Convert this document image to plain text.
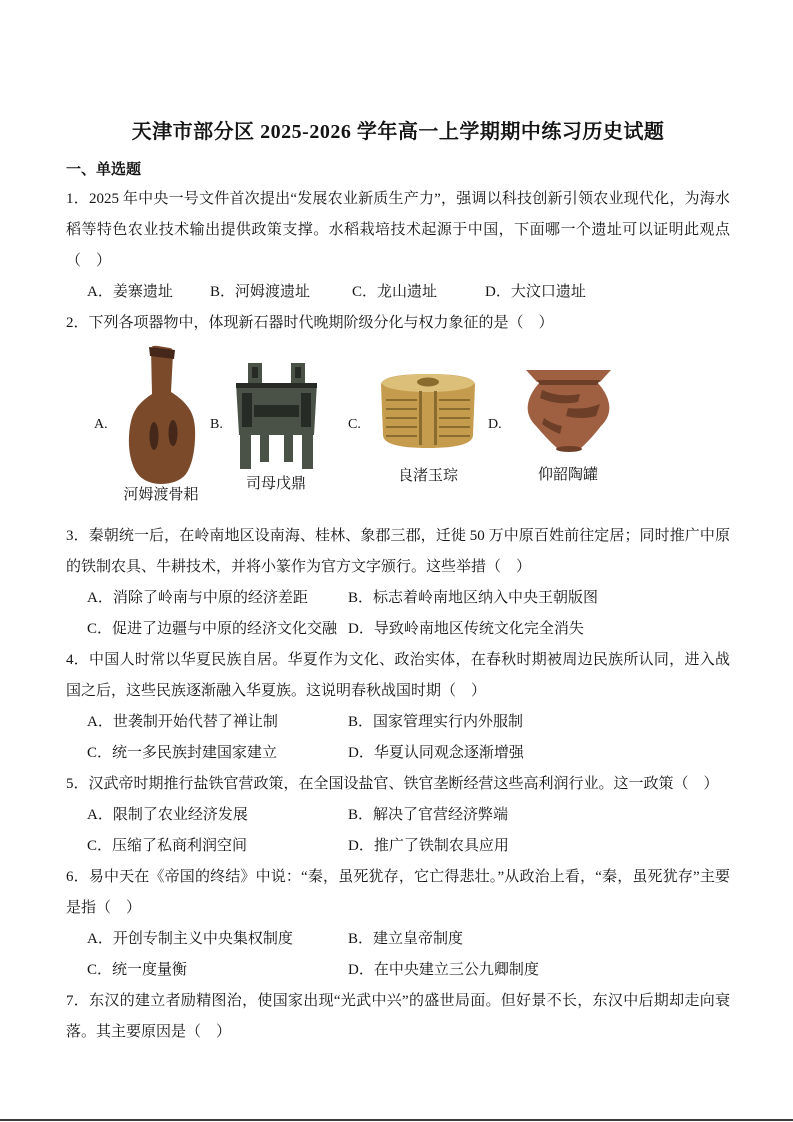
天津市部分区 2025-2026 学年高一上学期期中练习历史试题
一、单选题

1．2025 年中央一号文件首次提出“发展农业新质生产力”，强调以科技创新引领农业现代化，为海水稻等特色农业技术输出提供政策支撑。水稻栽培技术起源于中国，下面哪一个遗址可以证明此观点（　）

A．姜寨遗址	B．河姆渡遗址	C．龙山遗址	D．大汶口遗址

2．下列各项器物中，体现新石器时代晚期阶级分化与权力象征的是（　）

A.	B.	C.	D.
河姆渡骨耜
司母戊鼎	良渚玉琮	仰韶陶罐

3．秦朝统一后，在岭南地区设南海、桂林、象郡三郡，迁徙 50 万中原百姓前往定居；同时推广中原的铁制农具、牛耕技术，并将小篆作为官方文字颁行。这些举措（　）

A．消除了岭南与中原的经济差距	B．标志着岭南地区纳入中央王朝版图
C．促进了边疆与中原的经济文化交融 D．导致岭南地区传统文化完全消失

4．中国人时常以华夏民族自居。华夏作为文化、政治实体，在春秋时期被周边民族所认同，进入战国之后，这些民族逐渐融入华夏族。这说明春秋战国时期（　）

A．世袭制开始代替了禅让制	B．国家管理实行内外服制
C．统一多民族封建国家建立	D．华夏认同观念逐渐增强

5．汉武帝时期推行盐铁官营政策，在全国设盐官、铁官垄断经营这些高利润行业。这一政策（　）

A．限制了农业经济发展	B．解决了官营经济弊端
C．压缩了私商利润空间	D．推广了铁制农具应用

6．易中天在《帝国的终结》中说：“秦，虽死犹存，它亡得悲壮。”从政治上看，“秦，虽死犹存”主要是指（　）

A．开创专制主义中央集权制度	B．建立皇帝制度
C．统一度量衡	D．在中央建立三公九卿制度

7．东汉的建立者励精图治，使国家出现“光武中兴”的盛世局面。但好景不长，东汉中后期却走向衰落。其主要原因是（　）
